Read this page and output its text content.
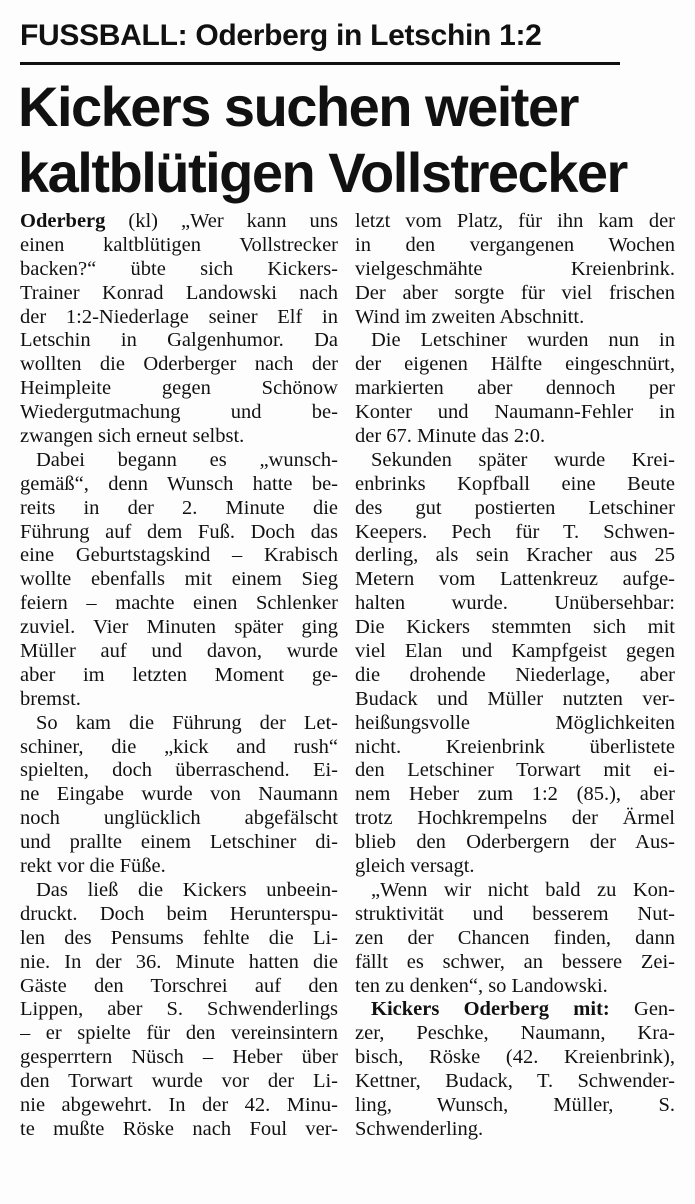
FUSSBALL: Oderberg in Letschin 1:2
Kickers suchen weiter
kaltblütigen Vollstrecker
Oderberg (kl) „Wer kann uns
einen kaltblütigen Vollstrecker
backen?“ übte sich Kickers-
Trainer Konrad Landowski nach
der 1:2-Niederlage seiner Elf in
Letschin in Galgenhumor. Da
wollten die Oderberger nach der
Heimpleite gegen Schönow
Wiedergutmachung und be-
zwangen sich erneut selbst.
Dabei begann es „wunsch-
gemäß“, denn Wunsch hatte be-
reits in der 2. Minute die
Führung auf dem Fuß. Doch das
eine Geburtstagskind – Krabisch
wollte ebenfalls mit einem Sieg
feiern – machte einen Schlenker
zuviel. Vier Minuten später ging
Müller auf und davon, wurde
aber im letzten Moment ge-
bremst.
So kam die Führung der Let-
schiner, die „kick and rush“
spielten, doch überraschend. Ei-
ne Eingabe wurde von Naumann
noch unglücklich abgefälscht
und prallte einem Letschiner di-
rekt vor die Füße.
Das ließ die Kickers unbeein-
druckt. Doch beim Herunterspu-
len des Pensums fehlte die Li-
nie. In der 36. Minute hatten die
Gäste den Torschrei auf den
Lippen, aber S. Schwenderlings
– er spielte für den vereinsintern
gesperrtern Nüsch – Heber über
den Torwart wurde vor der Li-
nie abgewehrt. In der 42. Minu-
te mußte Röske nach Foul ver-
letzt vom Platz, für ihn kam der
in den vergangenen Wochen
vielgeschmähte Kreienbrink.
Der aber sorgte für viel frischen
Wind im zweiten Abschnitt.
Die Letschiner wurden nun in
der eigenen Hälfte eingeschnürt,
markierten aber dennoch per
Konter und Naumann-Fehler in
der 67. Minute das 2:0.
Sekunden später wurde Krei-
enbrinks Kopfball eine Beute
des gut postierten Letschiner
Keepers. Pech für T. Schwen-
derling, als sein Kracher aus 25
Metern vom Lattenkreuz aufge-
halten wurde. Unübersehbar:
Die Kickers stemmten sich mit
viel Elan und Kampfgeist gegen
die drohende Niederlage, aber
Budack und Müller nutzten ver-
heißungsvolle Möglichkeiten
nicht. Kreienbrink überlistete
den Letschiner Torwart mit ei-
nem Heber zum 1:2 (85.), aber
trotz Hochkrempelns der Ärmel
blieb den Oderbergern der Aus-
gleich versagt.
„Wenn wir nicht bald zu Kon-
struktivität und besserem Nut-
zen der Chancen finden, dann
fällt es schwer, an bessere Zei-
ten zu denken“, so Landowski.
Kickers Oderberg mit: Gen-
zer, Peschke, Naumann, Kra-
bisch, Röske (42. Kreienbrink),
Kettner, Budack, T. Schwender-
ling, Wunsch, Müller, S.
Schwenderling.
